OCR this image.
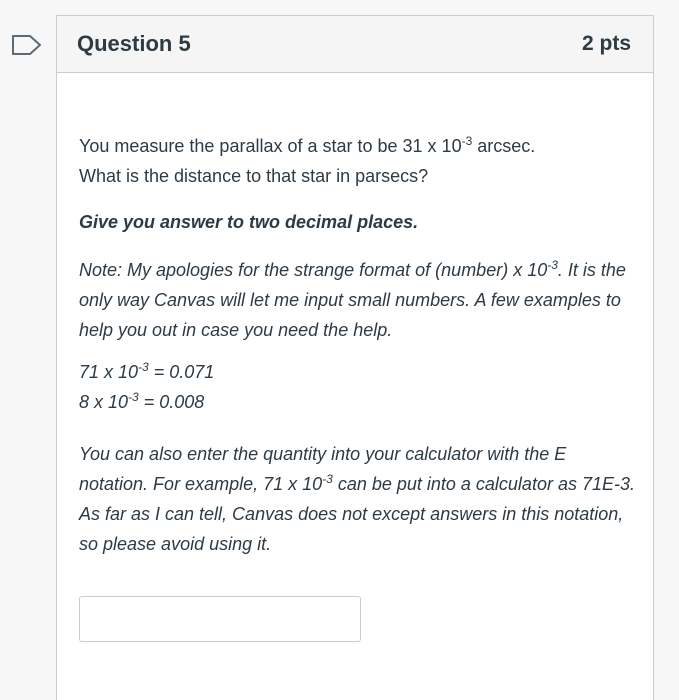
Question 5	2 pts

You measure the parallax of a star to be 31 x $10^{-3}$ arcsec.
What is the distance to that star in parsecs?

Give you answer to two decimal places.

Note: My apologies for the strange format of (number) x $10^{-3}$. It is the only way Canvas will let me input small numbers. A few examples to help you out in case you need the help.

71 x $10^{-3} = 0.071$

8 x $10^{-3} = 0.008$

You can also enter the quantity into your calculator with the E notation. For example, 71 x $10^{-3}$ can be put into a calculator as 71E-3. As far as I can tell, Canvas does not except answers in this notation, so please avoid using it.
